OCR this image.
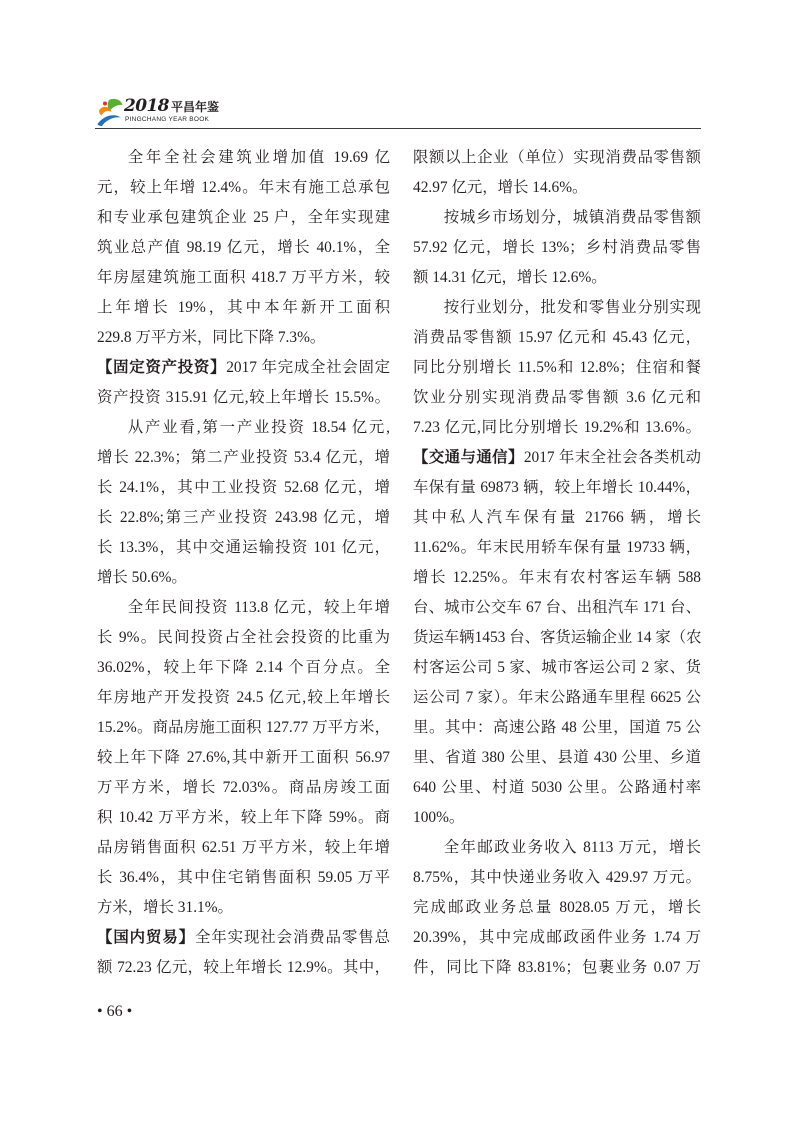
2018 平昌年鉴
PINGCHANG YEAR BOOK
全年全社会建筑业增加值 19.69 亿
元，较上年增 12.4%。年末有施工总承包
和专业承包建筑企业 25 户，全年实现建
筑业总产值 98.19 亿元，增长 40.1%，全
年房屋建筑施工面积 418.7 万平方米，较
上年增长 19%，其中本年新开工面积
229.8 万平方米，同比下降 7.3%。
【固定资产投资】2017 年完成全社会固定
资产投资 315.91 亿元,较上年增长 15.5%。
从产业看,第一产业投资 18.54 亿元,
增长 22.3%；第二产业投资 53.4 亿元，增
长 24.1%，其中工业投资 52.68 亿元，增
长 22.8%;第三产业投资 243.98 亿元，增
长 13.3%，其中交通运输投资 101 亿元，
增长 50.6%。
全年民间投资 113.8 亿元，较上年增
长 9%。民间投资占全社会投资的比重为
36.02%，较上年下降 2.14 个百分点。全
年房地产开发投资 24.5 亿元,较上年增长
15.2%。商品房施工面积 127.77 万平方米，
较上年下降 27.6%,其中新开工面积 56.97
万平方米，增长 72.03%。商品房竣工面
积 10.42 万平方米，较上年下降 59%。商
品房销售面积 62.51 万平方米，较上年增
长 36.4%，其中住宅销售面积 59.05 万平
方米，增长 31.1%。
【国内贸易】全年实现社会消费品零售总
额 72.23 亿元，较上年增长 12.9%。其中，
限额以上企业（单位）实现消费品零售额
42.97 亿元，增长 14.6%。
按城乡市场划分，城镇消费品零售额
57.92 亿元，增长 13%；乡村消费品零售
额 14.31 亿元，增长 12.6%。
按行业划分，批发和零售业分别实现
消费品零售额 15.97 亿元和 45.43 亿元，
同比分别增长 11.5%和 12.8%；住宿和餐
饮业分别实现消费品零售额 3.6 亿元和
7.23 亿元,同比分别增长 19.2%和 13.6%。
【交通与通信】2017 年末全社会各类机动
车保有量 69873 辆，较上年增长 10.44%，
其中私人汽车保有量 21766 辆，增长
11.62%。年末民用轿车保有量 19733 辆，
增长 12.25%。年末有农村客运车辆 588
台、城市公交车 67 台、出租汽车 171 台、
货运车辆1453 台、客货运输企业 14 家（农
村客运公司 5 家、城市客运公司 2 家、货
运公司 7 家）。年末公路通车里程 6625 公
里。其中：高速公路 48 公里，国道 75 公
里、省道 380 公里、县道 430 公里、乡道
640 公里、村道 5030 公里。公路通村率
100%。
全年邮政业务收入 8113 万元，增长
8.75%，其中快递业务收入 429.97 万元。
完成邮政业务总量 8028.05 万元，增长
20.39%，其中完成邮政函件业务 1.74 万
件，同比下降 83.81%；包裹业务 0.07 万
• 66 •
